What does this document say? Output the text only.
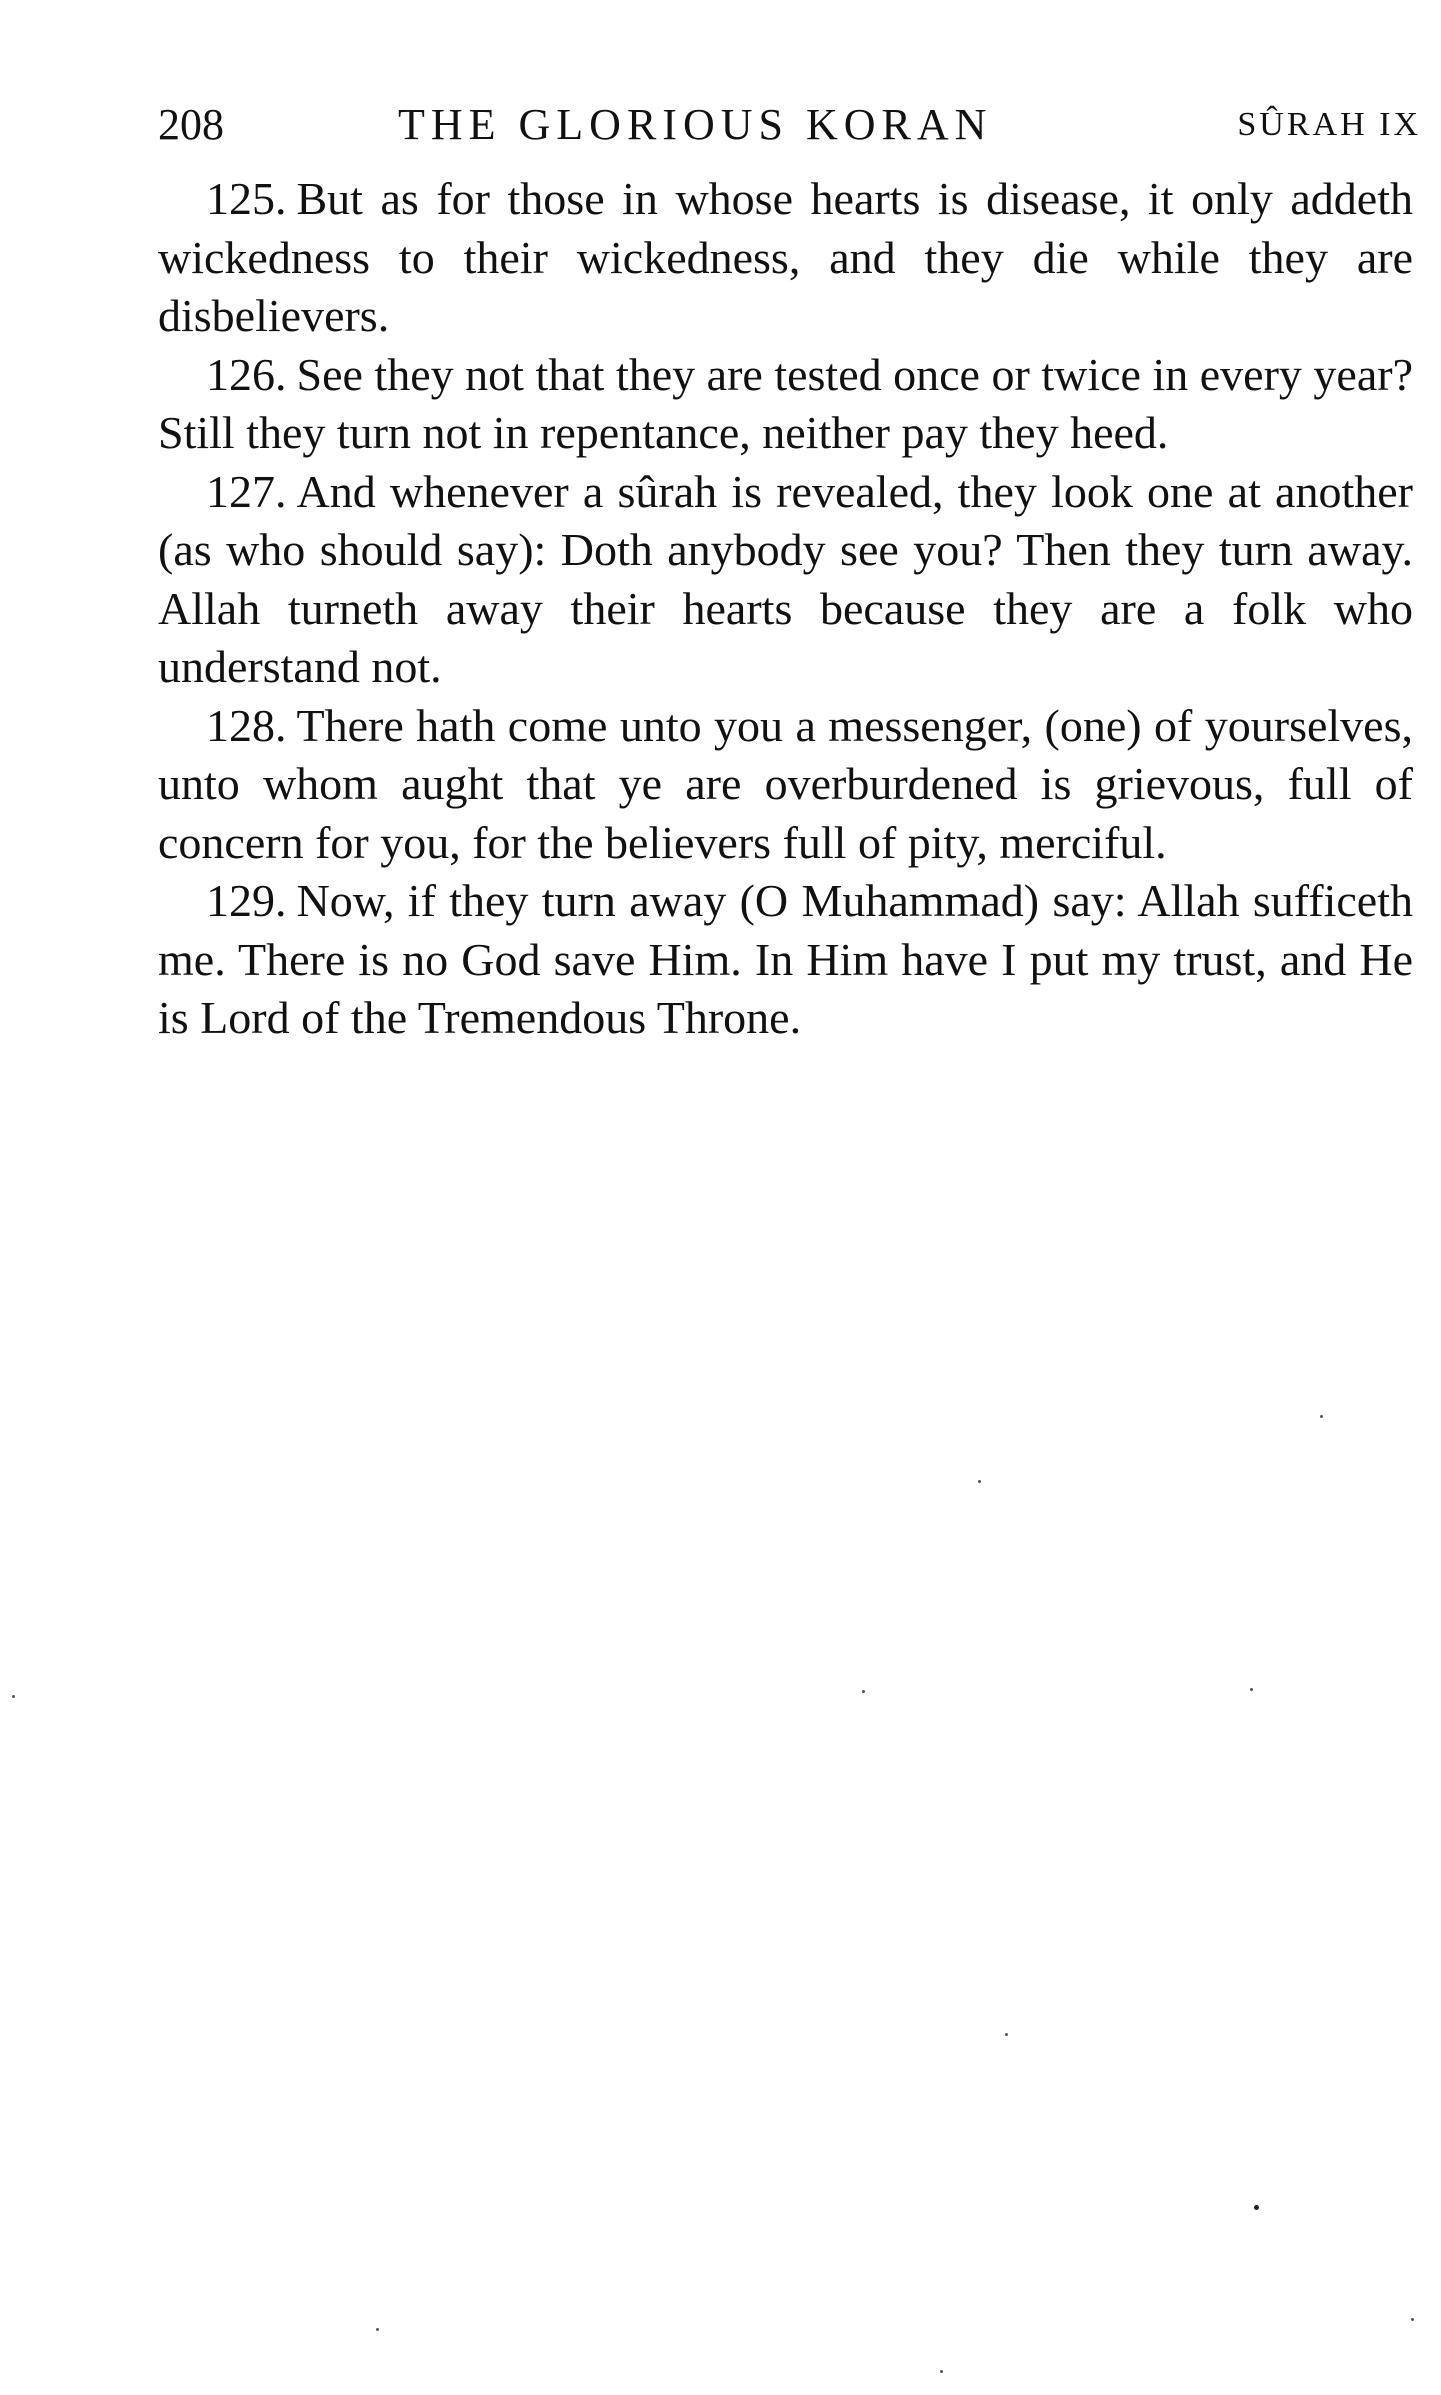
208	THE GLORIOUS KORAN	SÛRAH IX

125. But as for those in whose hearts is disease, it only addeth wickedness to their wickedness, and they die while they are disbelievers.

126. See they not that they are tested once or twice in every year? Still they turn not in repentance, neither pay they heed.

127. And whenever a sûrah is revealed, they look one at another (as who should say): Doth anybody see you? Then they turn away. Allah turneth away their hearts because they are a folk who understand not.

128. There hath come unto you a messenger, (one) of yourselves, unto whom aught that ye are overburdened is grievous, full of concern for you, for the believers full of pity, merciful.

129. Now, if they turn away (O Muhammad) say: Allah sufficeth me. There is no God save Him. In Him have I put my trust, and He is Lord of the Tremendous Throne.
